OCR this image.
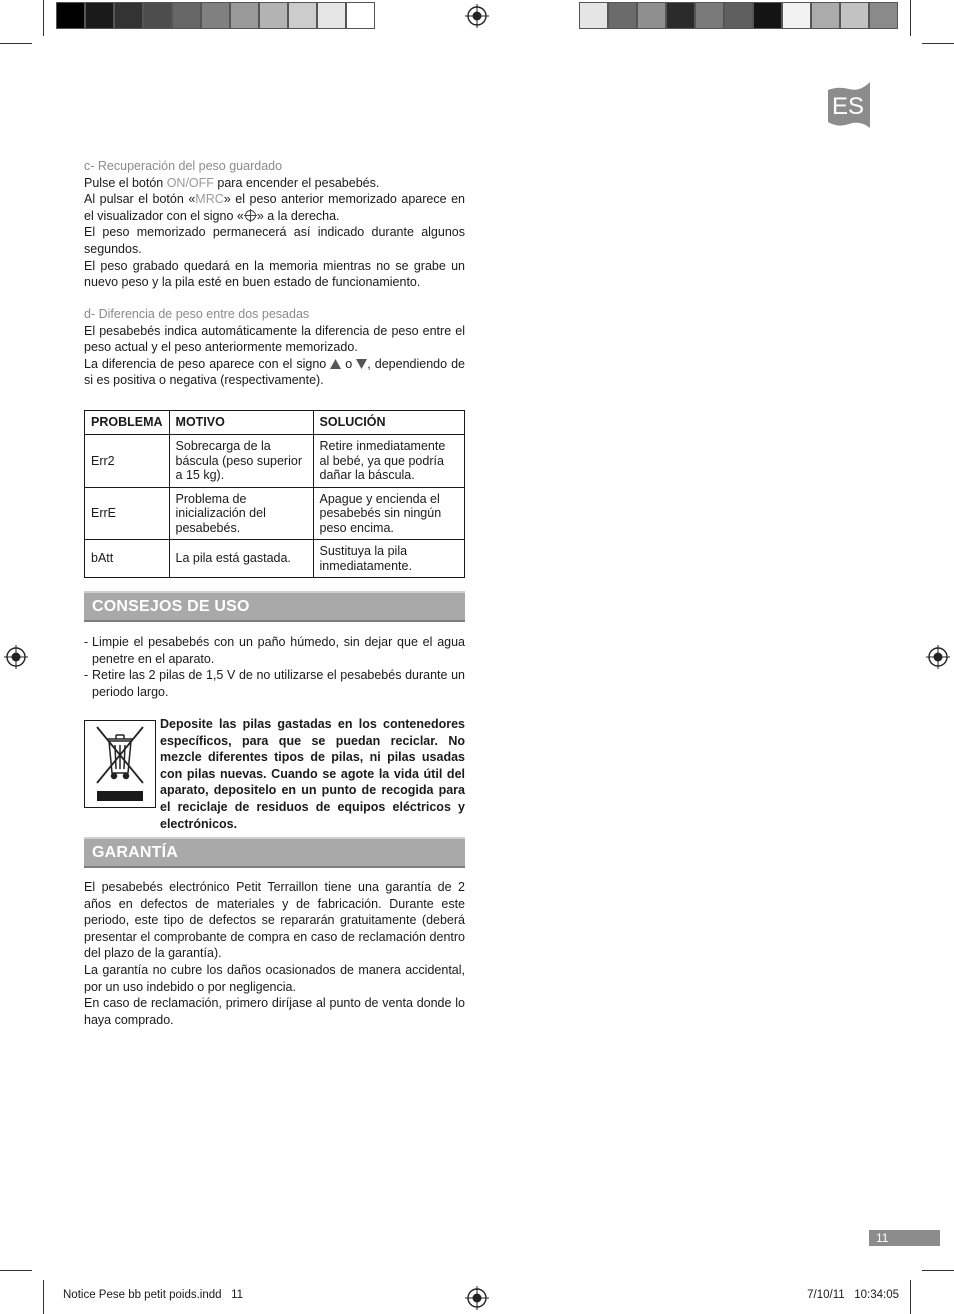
ES

c- Recuperación del peso guardado

Pulse el botón ON/OFF para encender el pesabebés.

Al pulsar el botón «MRC» el peso anterior memorizado aparece en el visualizador con el signo « » a la derecha.

El peso memorizado permanecerá así indicado durante algunos segundos.

El peso grabado quedará en la memoria mientras no se grabe un nuevo peso y la pila esté en buen estado de funcionamiento.

d- Diferencia de peso entre dos pesadas

El pesabebés indica automáticamente la diferencia de peso entre el peso actual y el peso anteriormente memorizado.

La diferencia de peso aparece con el signo  o , dependiendo de si es positiva o negativa (respectivamente).

PROBLEMA	MOTIVO	SOLUCIÓN
Err2	Sobrecarga de la báscula (peso superior a 15 kg).	Retire inmediatamente al bebé, ya que podría dañar la báscula.
ErrE	Problema de inicialización del pesabebés.	Apague y encienda el pesabebés sin ningún peso encima.
bAtt	La pila está gastada.	Sustituya la pila inmediatamente.
CONSEJOS DE USO
- Limpie el pesabebés con un paño húmedo, sin dejar que el agua penetre en el aparato.
- Retire las 2 pilas de 1,5 V de no utilizarse el pesabebés durante un periodo largo.
Deposite las pilas gastadas en los contenedores específicos, para que se puedan reciclar. No mezcle diferentes tipos de pilas, ni pilas usadas con pilas nuevas. Cuando se agote la vida útil del aparato, depositelo en un punto de recogida para el reciclaje de residuos de equipos eléctricos y electrónicos.
GARANTÍA

El pesabebés electrónico Petit Terraillon tiene una garantía de 2 años en defectos de materiales y de fabricación. Durante este periodo, este tipo de defectos se repararán gratuitamente (deberá presentar el comprobante de compra en caso de reclamación dentro del plazo de la garantía).

La garantía no cubre los daños ocasionados de manera accidental, por un uso indebido o por negligencia.

En caso de reclamación, primero diríjase al punto de venta donde lo haya comprado.

11
Notice Pese bb petit poids.indd   11	7/10/11   10:34:05
